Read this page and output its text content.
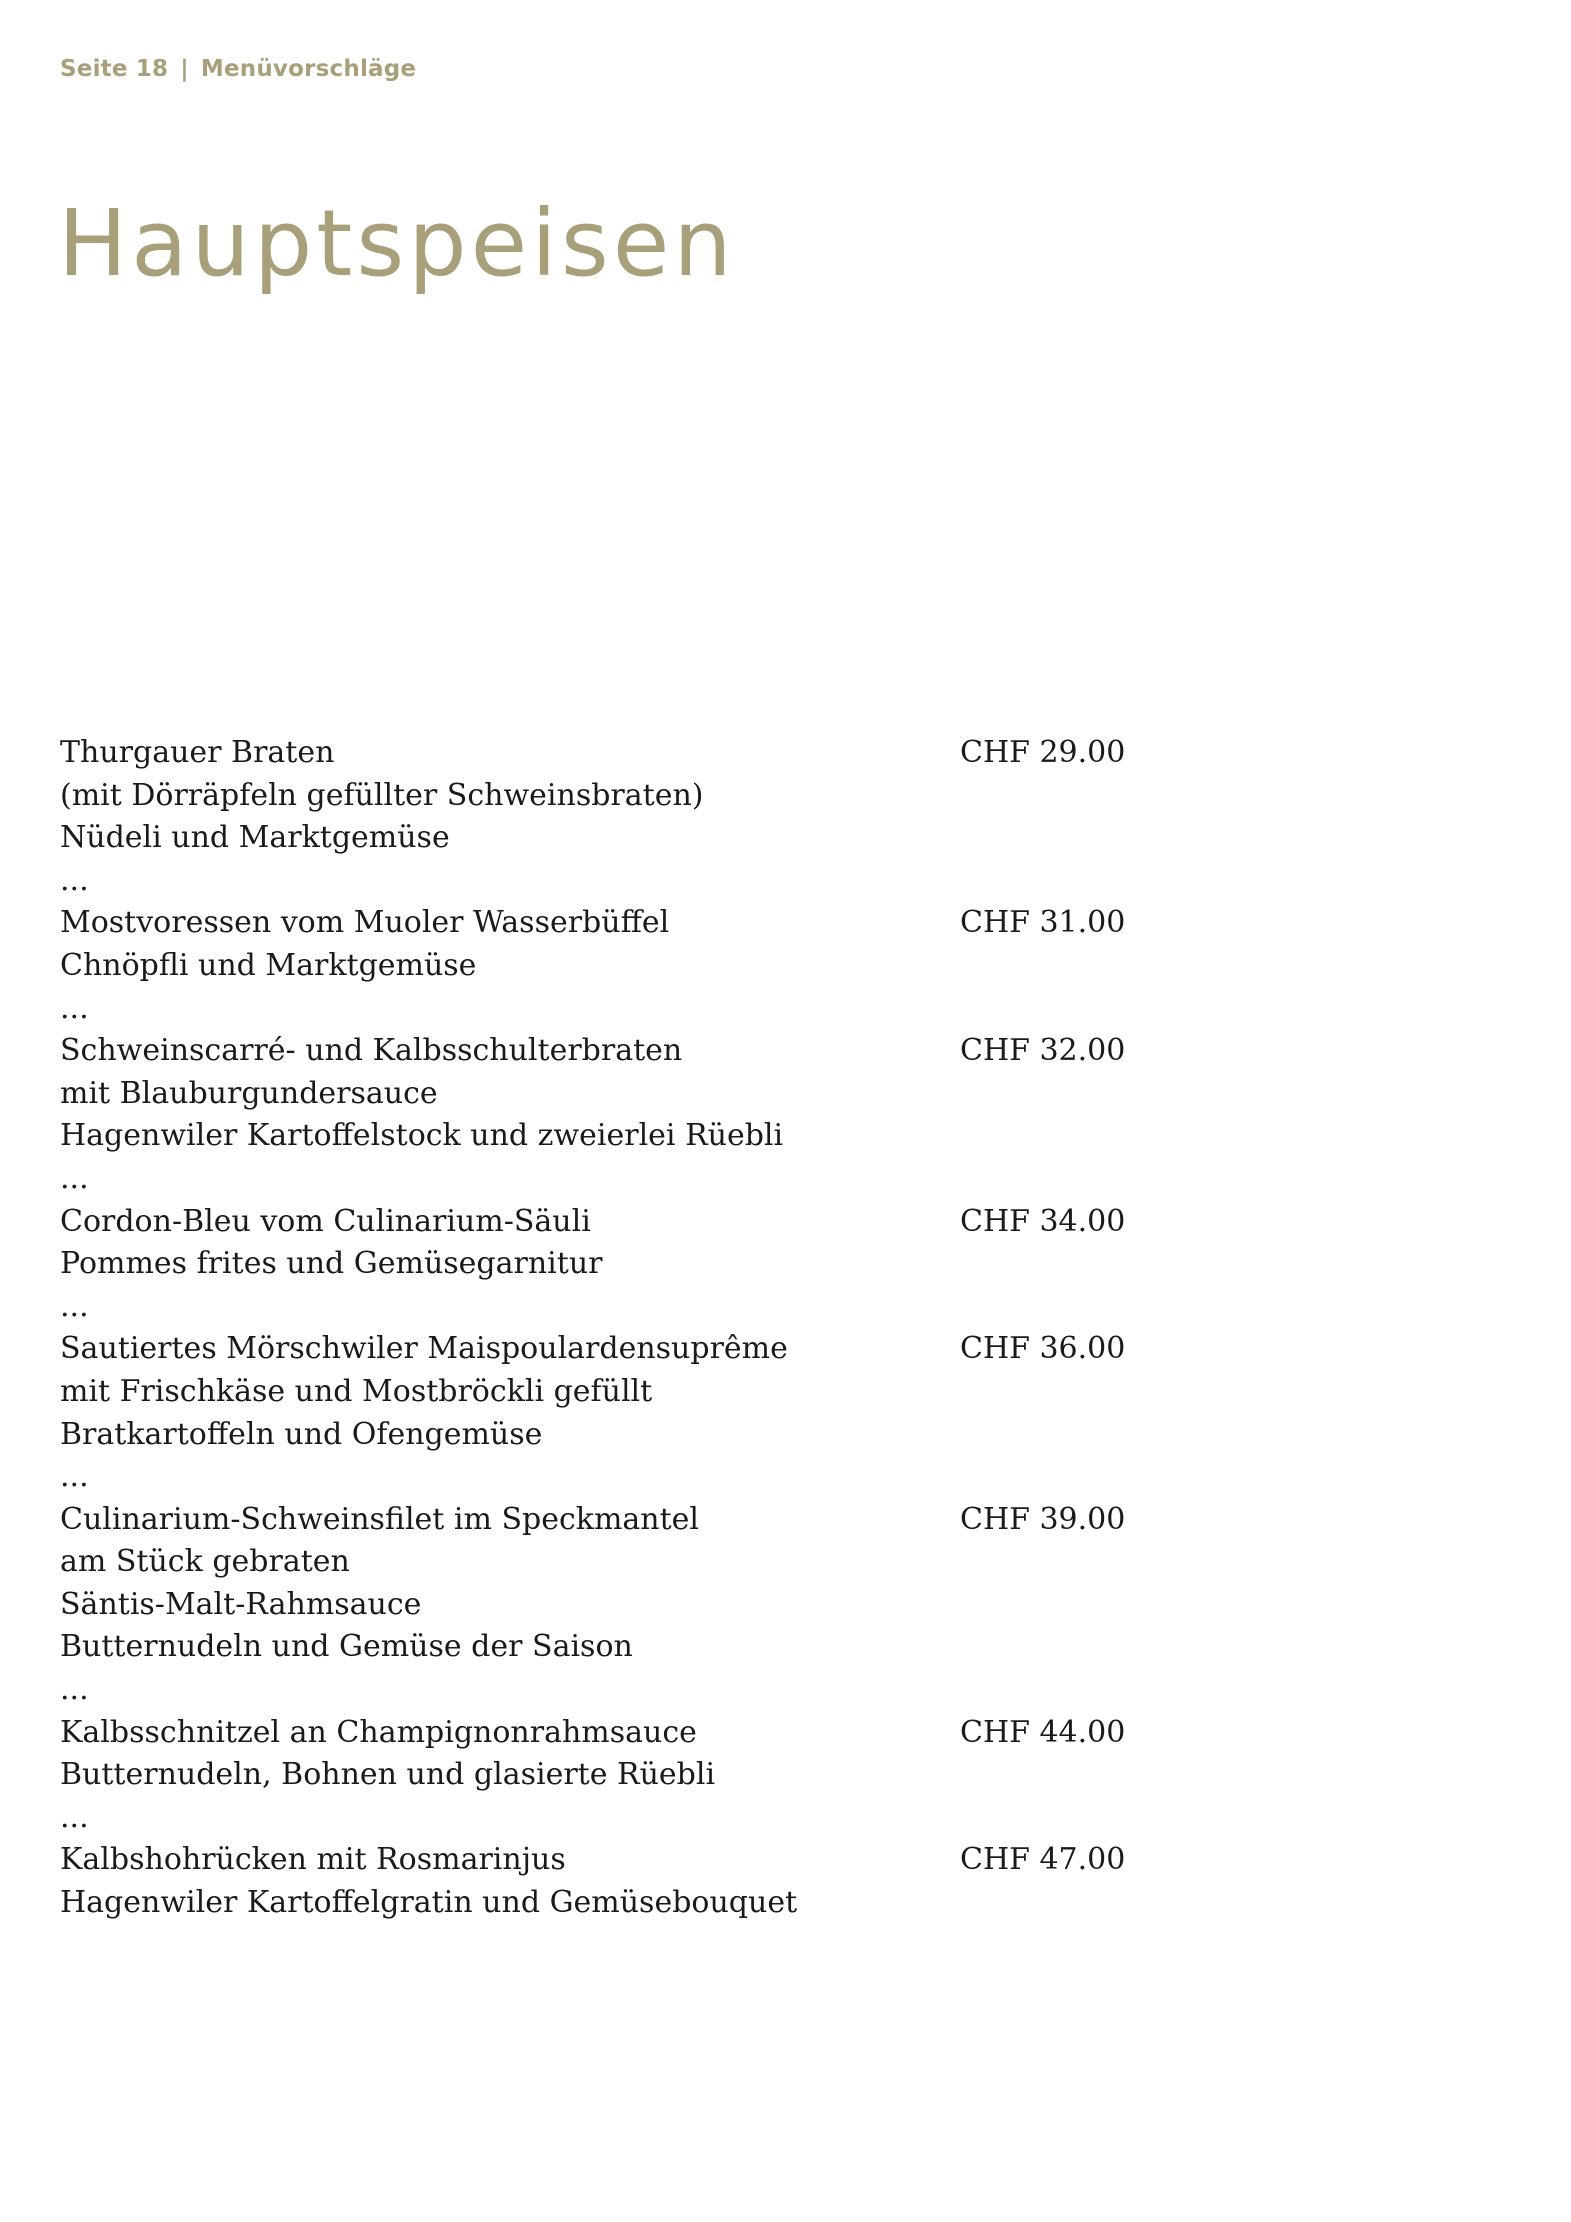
Seite 18 | Menüvorschläge
Hauptspeisen
Thurgauer Braten
(mit Dörräpfeln gefüllter Schweinsbraten)
Nüdeli und Marktgemüse
CHF 29.00
...
Mostvoressen vom Muoler Wasserbüffel
Chnöpfli und Marktgemüse
CHF 31.00
...
Schweinscarré- und Kalbsschulterbraten
mit Blauburgundersauce
Hagenwiler Kartoffelstock und zweierlei Rüebli
CHF 32.00
...
Cordon-Bleu vom Culinarium-Säuli
Pommes frites und Gemüsegarnitur
CHF 34.00
...
Sautiertes Mörschwiler Maispoulardensuprême
mit Frischkäse und Mostbröckli gefüllt
Bratkartoffeln und Ofengemüse
CHF 36.00
...
Culinarium-Schweinsfilet im Speckmantel
am Stück gebraten
Säntis-Malt-Rahmsauce
Butternudeln und Gemüse der Saison
CHF 39.00
...
Kalbsschnitzel an Champignonrahmsauce
Butternudeln, Bohnen und glasierte Rüebli
CHF 44.00
...
Kalbshohrücken mit Rosmarinjus
Hagenwiler Kartoffelgratin und Gemüsebouquet
CHF 47.00
